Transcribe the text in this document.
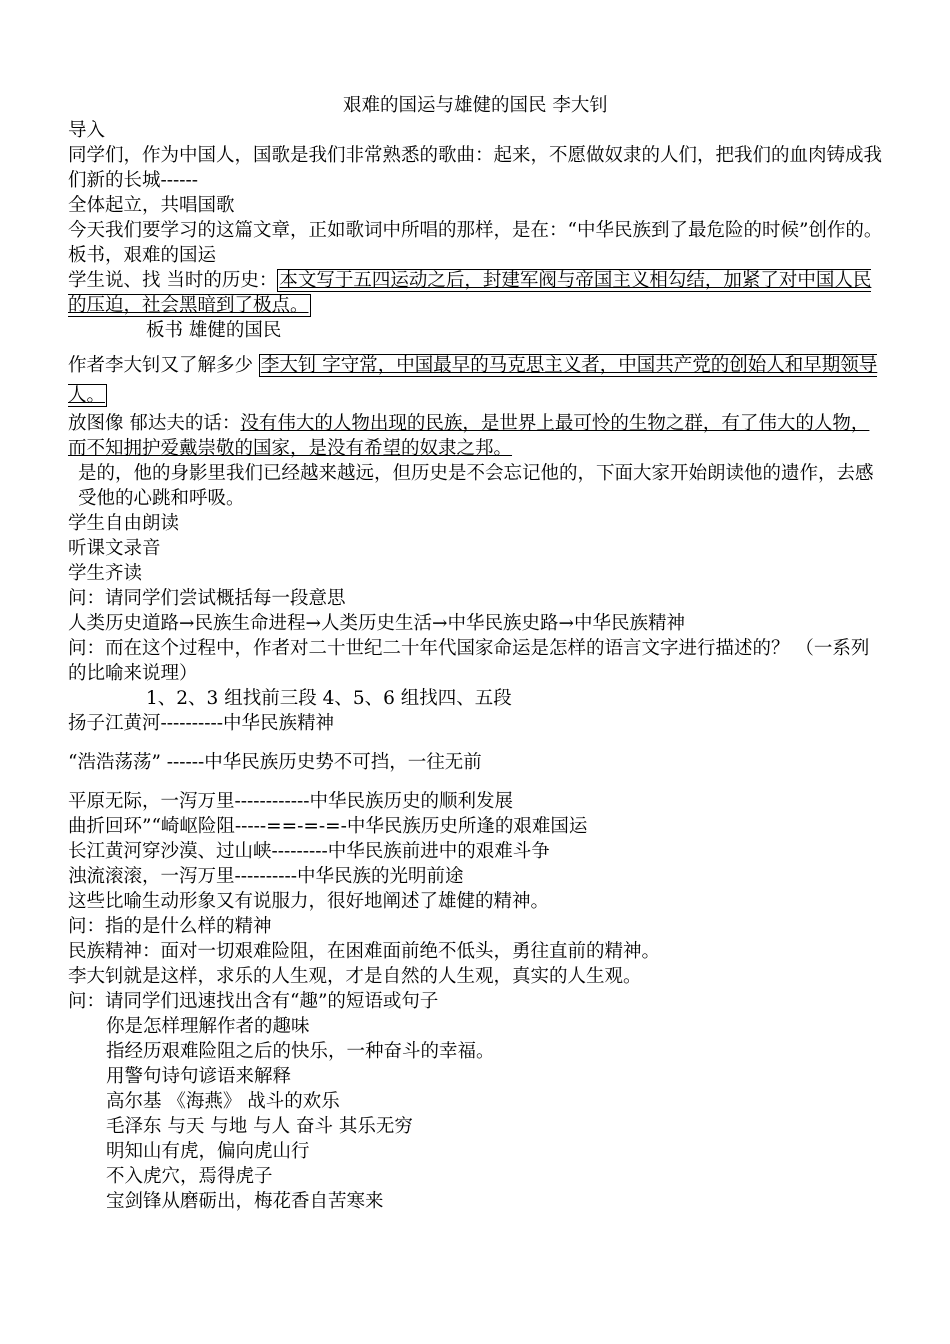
艰难的国运与雄健的国民 李大钊

导入

同学们，作为中国人，国歌是我们非常熟悉的歌曲：起来，不愿做奴隶的人们，把我们的血肉铸成我们新的长城------

全体起立，共唱国歌

今天我们要学习的这篇文章，正如歌词中所唱的那样，是在：“中华民族到了最危险的时候”创作的。

板书，艰难的国运

学生说、找 当时的历史： 本文写于五四运动之后，封建军阀与帝国主义相勾结，加紧了对中国人民的压迫，社会黑暗到了极点。

板书 雄健的国民

作者李大钊又了解多少 李大钊 字守常，中国最早的马克思主义者，中国共产党的创始人和早期领导人。

放图像 郁达夫的话：没有伟大的人物出现的民族，是世界上最可怜的生物之群，有了伟大的人物，而不知拥护爱戴崇敬的国家，是没有希望的奴隶之邦。

是的，他的身影里我们已经越来越远，但历史是不会忘记他的，下面大家开始朗读他的遗作，去感受他的心跳和呼吸。

学生自由朗读

听课文录音

学生齐读

问：请同学们尝试概括每一段意思

人类历史道路→民族生命进程→人类历史生活→中华民族史路→中华民族精神

问：而在这个过程中，作者对二十世纪二十年代国家命运是怎样的语言文字进行描述的？ （一系列的比喻来说理）

1、2、3 组找前三段 4、5、6 组找四、五段

扬子江黄河----------中华民族精神

“浩浩荡荡” ------中华民族历史势不可挡，一往无前

平原无际，一泻万里------------中华民族历史的顺利发展

曲折回环”“崎岖险阻-----==-=-=-中华民族历史所逢的艰难国运

长江黄河穿沙漠、过山峡---------中华民族前进中的艰难斗争

浊流滚滚，一泻万里----------中华民族的光明前途

这些比喻生动形象又有说服力，很好地阐述了雄健的精神。

问：指的是什么样的精神

民族精神：面对一切艰难险阻，在困难面前绝不低头，勇往直前的精神。

李大钊就是这样，求乐的人生观，才是自然的人生观，真实的人生观。

问：请同学们迅速找出含有“趣”的短语或句子

你是怎样理解作者的趣味

指经历艰难险阻之后的快乐，一种奋斗的幸福。

用警句诗句谚语来解释

高尔基 《海燕》 战斗的欢乐

毛泽东 与天 与地 与人 奋斗 其乐无穷

明知山有虎，偏向虎山行

不入虎穴，焉得虎子

宝剑锋从磨砺出，梅花香自苦寒来
